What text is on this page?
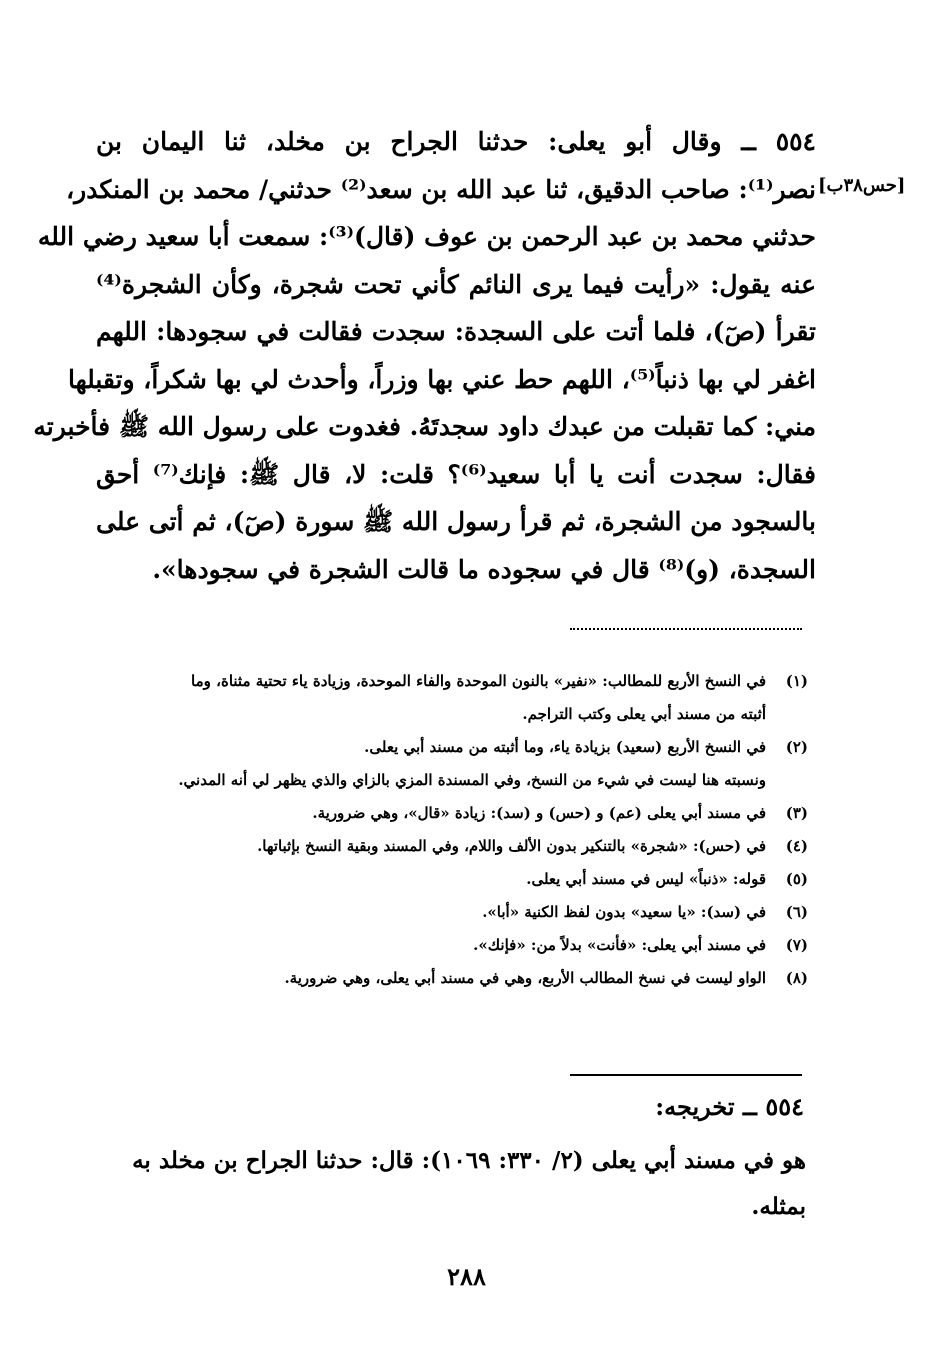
٥٥٤ ــ وقال أبو يعلى: حدثنا الجراح بن مخلد، ثنا اليمان بن
نصر⁽¹⁾: صاحب الدقيق، ثنا عبد الله بن سعد⁽²⁾ حدثني/ محمد بن المنكدر،
حدثني محمد بن عبد الرحمن بن عوف (قال)⁽³⁾: سمعت أبا سعيد رضي الله
عنه يقول: «رأيت فيما يرى النائم كأني تحت شجرة، وكأن الشجرة⁽⁴⁾
تقرأ (صٓ)، فلما أتت على السجدة: سجدت فقالت في سجودها: اللهم
اغفر لي بها ذنباً⁽⁵⁾، اللهم حط عني بها وزراً، وأحدث لي بها شكراً، وتقبلها
مني: كما تقبلت من عبدك داود سجدتَهُ. فغدوت على رسول الله ﷺ فأخبرته
فقال: سجدت أنت يا أبا سعيد⁽⁶⁾؟ قلت: لا، قال ﷺ: فإنك⁽⁷⁾ أحق
بالسجود من الشجرة، ثم قرأ رسول الله ﷺ سورة (صٓ)، ثم أتى على
السجدة، (و)⁽⁸⁾ قال في سجوده ما قالت الشجرة في سجودها».
[حس٣٨ب]
(١)
في النسخ الأربع للمطالب: «نفير» بالنون الموحدة والفاء الموحدة، وزيادة ياء تحتية مثناة، وما
أثبته من مسند أبي يعلى وكتب التراجم.
(٢)
في النسخ الأربع (سعيد) بزيادة ياء، وما أثبته من مسند أبي يعلى.
ونسبته هنا ليست في شيء من النسخ، وفي المسندة المزي بالزاي والذي يظهر لي أنه المدني.
(٣)
في مسند أبي يعلى (عم) و (حس) و (سد): زيادة «قال»، وهي ضرورية.
(٤)
في (حس): «شجرة» بالتنكير بدون الألف واللام، وفي المسند وبقية النسخ بإثباتها.
(٥)
قوله: «ذنباً» ليس في مسند أبي يعلى.
(٦)
في (سد): «يا سعيد» بدون لفظ الكنية «أبا».
(٧)
في مسند أبي يعلى: «فأنت» بدلاً من: «فإنك».
(٨)
الواو ليست في نسخ المطالب الأربع، وهي في مسند أبي يعلى، وهي ضرورية.
٥٥٤ ــ تخريجه:
هو في مسند أبي يعلى (٢/ ٣٣٠: ١٠٦٩): قال: حدثنا الجراح بن مخلد به
بمثله.
٢٨٨
